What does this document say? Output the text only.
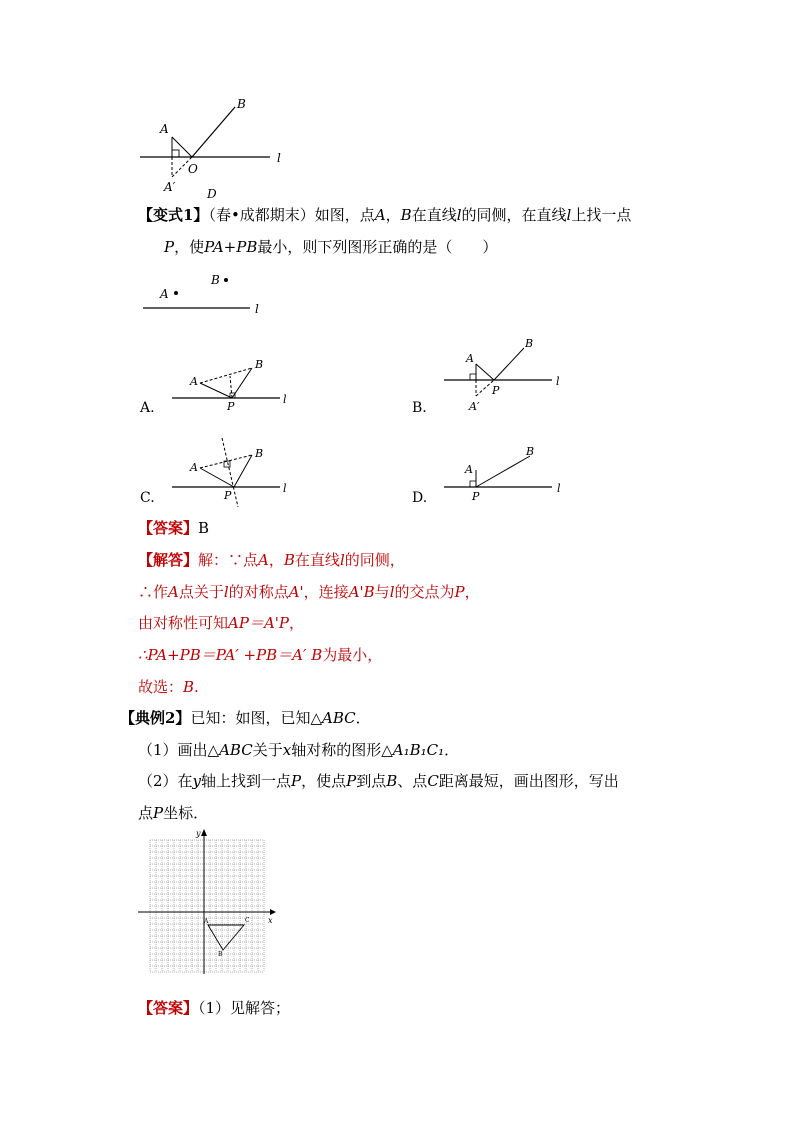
A
B
O
l
A′	D
【变式1】（春•成都期末）如图，点A，B在直线l的同侧，在直线l上找一点
P，使PA+PB最小，则下列图形正确的是（　　）
A
B
l
A.
A
B
P
l
B.
A
B
P
l
A′
C.
A
B
P
l
D.
A
B
P
l
【答案】B
【解答】解：∵点A，B在直线l的同侧，
∴作A点关于l的对称点A'，连接A'B与l的交点为P，
由对称性可知AP＝A'P，
∴PA+PB＝PA′ +PB＝A′ B为最小，
故选：B.
【典例2】已知：如图，已知△ABC．
（1）画出△ABC关于x轴对称的图形△A₁B₁C₁．
（2）在y轴上找到一点P，使点P到点B、点C距离最短，画出图形，写出
点P坐标．
x
y
A
B
C
【答案】（1）见解答；
